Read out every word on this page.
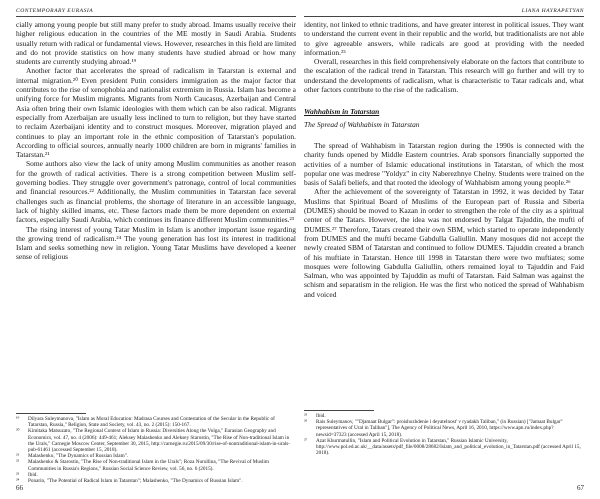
CONTEMPORARY EURASIA	LIANA HAYRAPETYAN

cially among young people but still many prefer to study abroad. Imams usually receive their higher religious education in the countries of the ME mostly in Saudi Arabia. Students usually return with radical or fundamental views. However, researches in this field are limited and do not provide statistics on how many students have studied abroad or how many students are currently studying abroad.¹⁹

Another factor that accelerates the spread of radicalism in Tatarstan is external and internal migration.²⁰ Even president Putin considers immigration as the major factor that contributes to the rise of xenophobia and nationalist extremism in Russia. Islam has become a unifying force for Muslim migrants. Migrants from North Caucasus, Azerbaijan and Central Asia often bring their own Islamic ideologies with them which can be also radical. Migrants especially from Azerbaijan are usually less inclined to turn to religion, but they have started to reclaim Azerbaijani identity and to construct mosques. Moreover, migration played and continues to play an important role in the ethnic composition of Tatarstan's population. According to official sources, annually nearly 1000 children are born in migrants' families in Tatarstan.²¹

Some authors also view the lack of unity among Muslim communities as another reason for the growth of radical activities. There is a strong competition between Muslim self-governing bodies. They struggle over government's patronage, control of local communities and financial resources.²² Additionally, the Muslim communities in Tatarstan face several challenges such as financial problems, the shortage of literature in an accessible language, lack of highly skilled imams, etc. These factors made them be more dependent on external factors, especially Saudi Arabia, which continues its finance different Muslim communities.²³

The rising interest of young Tatar Muslim in Islam is another important issue regarding the growing trend of radicalism.²⁴ The young generation has lost its interest in traditional Islam and seeks something new in religion. Young Tatar Muslims have developed a keener sense of religious

¹⁹	Dilyara Suleymanova, "Islam as Moral Education: Madrasa Courses and Contestation of the Secular in the Republic of Tatarstan, Russia," Religion, State and Society, vol. 43, no. 2 (2015): 150-167.
²⁰	Kimitaka Matsuzato, "The Regional Context of Islam in Russia: Diversities Along the Volga," Eurasian Geography and Economics, vol. 47, no. 4 (2006): 449-461; Aleksey Malashenko and Aleksey Starostin, "The Rise of Non-traditional Islam in the Urals," Carnegie Moscow Center, September 30, 2015, http://carnegie.ru/2015/09/30/rise-of-nontraditional-islam-in-urals-pub-61461 (accessed September 15, 2018).
²¹	Malashenko, "The Dynamics of Russian Islam".
²²	Malashenko & Starostin, "The Rise of Non-traditional Islam in the Urals"; Rozа Nurullina, "The Revival of Muslim Communities in Russia's Regions," Russian Social Science Review, vol. 56, no. 6 (2015).
²³	Ibid.
²⁴	Ponarin, "The Potential of Radical Islam in Tatarstan"; Malashenko, "The Dynamics of Russian Islam".

identity, not linked to ethnic traditions, and have greater interest in political issues. They want to understand the current event in their republic and the world, but traditionalists are not able to give agreeable answers, while radicals are good at providing with the needed information.²⁵

Overall, researches in this field comprehensively elaborate on the factors that contribute to the escalation of the radical trend in Tatarstan. This research will go further and will try to understand the developments of radicalism, what is characteristic to Tatar radicals and, what other factors contribute to the rise of the radicalism.

Wahhabism in Tatarstan
The Spread of Wahhabism in Tatarstan

The spread of Wahhabism in Tatarstan region during the 1990s is connected with the charity funds opened by Middle Eastern countries. Arab sponsors financially supported the activities of a number of Islamic educational institutions in Tatarstan, of which the most popular one was medrese "Yoldyz" in city Naberezhnye Chelny. Students were trained on the basis of Salafi beliefs, and that rooted the ideology of Wahhabism among young people.²⁶

After the achievement of the sovereignty of Tatarstan in 1992, it was decided by Tatar Muslims that Spiritual Board of Muslims of the European part of Russia and Siberia (DUMES) should be moved to Kazan in order to strengthen the role of the city as a spiritual center of the Tatars. However, the idea was not endorsed by Talgat Tajuddin, the mufti of DUMES.²⁷ Therefore, Tatars created their own SBM, which started to operate independently from DUMES and the mufti became Gabdulla Galiullin. Many mosques did not accept the newly created SBM of Tatarstan and continued to follow DUMES. Tajuddin created a branch of his muftiate in Tatarstan. Hence till 1998 in Tatarstan there were two muftiates; some mosques were following Gabdulla Galiullin, others remained loyal to Tajuddin and Faid Salman, who was appointed by Tajuddin as mufti of Tatarstan. Faid Salman was against the schism and separatism in the religion. He was the first who noticed the spread of Wahhabism and voiced

²⁵	Ibid.
²⁶	Rais Suleymanov, ""Djamaat Bulgar": proishozhdenie i deyatelnost' v ryadakh Taliban," (in Russian) ["Jamaat Bulgar" representatives of Ural in Taliban"], The Agency of Political News, April 16, 2010, https://www.apn.ru/index.php?newsid=37323 (accessed April 15, 2018).
²⁷	Azat Khurmatullin, "Islam and Political Evolution in Tatarstan," Russian Islamic University, http://www.pol.ed.ac.uk/__data/assets/pdf_file/0008/28682/Islam_and_political_evolution_in_Tatarstan.pdf (accessed April 15, 2018).
66	67
